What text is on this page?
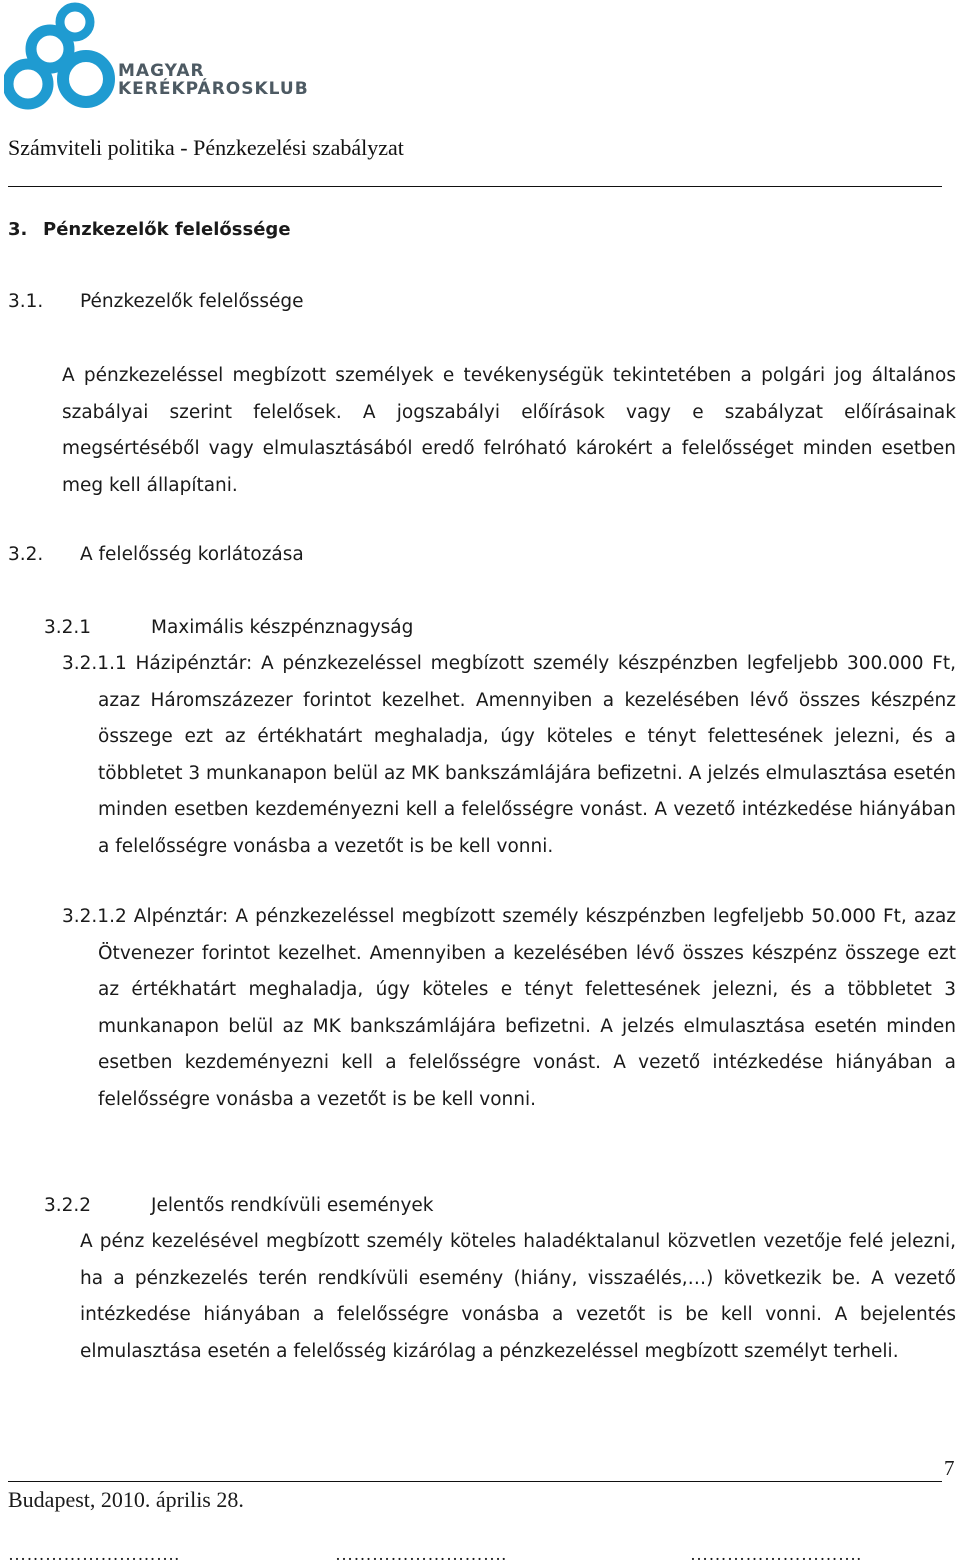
MAGYAR
KERÉKPÁROSKLUB
Számviteli politika - Pénzkezelési szabályzat
3. Pénzkezelők felelőssége
3.1. Pénzkezelők felelőssége
A pénzkezeléssel megbízott személyek e tevékenységük tekintetében a polgári jog általános szabályai szerint felelősek. A jogszabályi előírások vagy e szabályzat előírásainak megsértéséből vagy elmulasztásából eredő felróható károkért a felelősséget minden esetben meg kell állapítani.
3.2. A felelősség korlátozása
3.2.1	Maximális készpénznagyság
3.2.1.1 Házipénztár: A pénzkezeléssel megbízott személy készpénzben legfeljebb 300.000 Ft, azaz Háromszázezer forintot kezelhet. Amennyiben a kezelésében lévő összes készpénz összege ezt az értékhatárt meghaladja, úgy köteles e tényt felettesének jelezni, és a többletet 3 munkanapon belül az MK bankszámlájára befizetni. A jelzés elmulasztása esetén minden esetben kezdeményezni kell a felelősségre vonást. A vezető intézkedése hiányában a felelősségre vonásba a vezetőt is be kell vonni.
3.2.1.2 Alpénztár: A pénzkezeléssel megbízott személy készpénzben legfeljebb 50.000 Ft, azaz Ötvenezer forintot kezelhet. Amennyiben a kezelésében lévő összes készpénz összege ezt az értékhatárt meghaladja, úgy köteles e tényt felettesének jelezni, és a többletet 3 munkanapon belül az MK bankszámlájára befizetni. A jelzés elmulasztása esetén minden esetben kezdeményezni kell a felelősségre vonást. A vezető intézkedése hiányában a felelősségre vonásba a vezetőt is be kell vonni.
3.2.2	Jelentős rendkívüli események
A pénz kezelésével megbízott személy köteles haladéktalanul közvetlen vezetője felé jelezni, ha a pénzkezelés terén rendkívüli esemény (hiány, visszaélés,…) következik be. A vezető intézkedése hiányában a felelősségre vonásba a vezetőt is be kell vonni. A bejelentés elmulasztása esetén a felelősség kizárólag a pénzkezeléssel megbízott személyt terheli.
7
Budapest, 2010. április 28.
……………………….	……………………….	……………………….
